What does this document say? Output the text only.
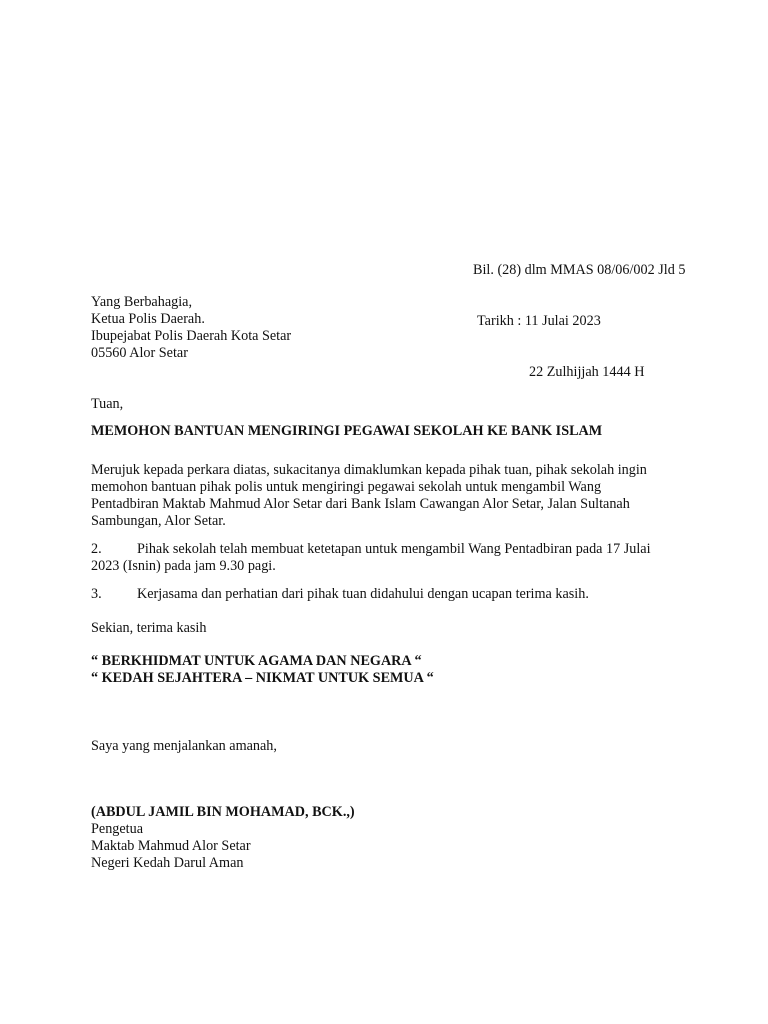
Bil. (28) dlm MMAS 08/06/002 Jld 5

Tarikh : 11 Julai 2023

22 Zulhijjah 1444 H

Yang Berbahagia,
Ketua Polis Daerah.
Ibupejabat Polis Daerah Kota Setar
05560 Alor Setar
Tuan,
MEMOHON BANTUAN MENGIRINGI PEGAWAI SEKOLAH KE BANK ISLAM
Merujuk kepada perkara diatas, sukacitanya dimaklumkan kepada pihak tuan, pihak sekolah ingin
memohon bantuan pihak polis untuk mengiringi pegawai sekolah untuk mengambil Wang
Pentadbiran Maktab Mahmud Alor Setar dari Bank Islam Cawangan Alor Setar, Jalan Sultanah
Sambungan, Alor Setar.
2. Pihak sekolah telah membuat ketetapan untuk mengambil Wang Pentadbiran pada 17 Julai
2023 (Isnin) pada jam 9.30 pagi.
3. Kerjasama dan perhatian dari pihak tuan didahului dengan ucapan terima kasih.
Sekian, terima kasih
“ BERKHIDMAT UNTUK AGAMA DAN NEGARA “
“ KEDAH SEJAHTERA – NIKMAT UNTUK SEMUA “
Saya yang menjalankan amanah,
(ABDUL JAMIL BIN MOHAMAD, BCK.,)
Pengetua
Maktab Mahmud Alor Setar
Negeri Kedah Darul Aman
